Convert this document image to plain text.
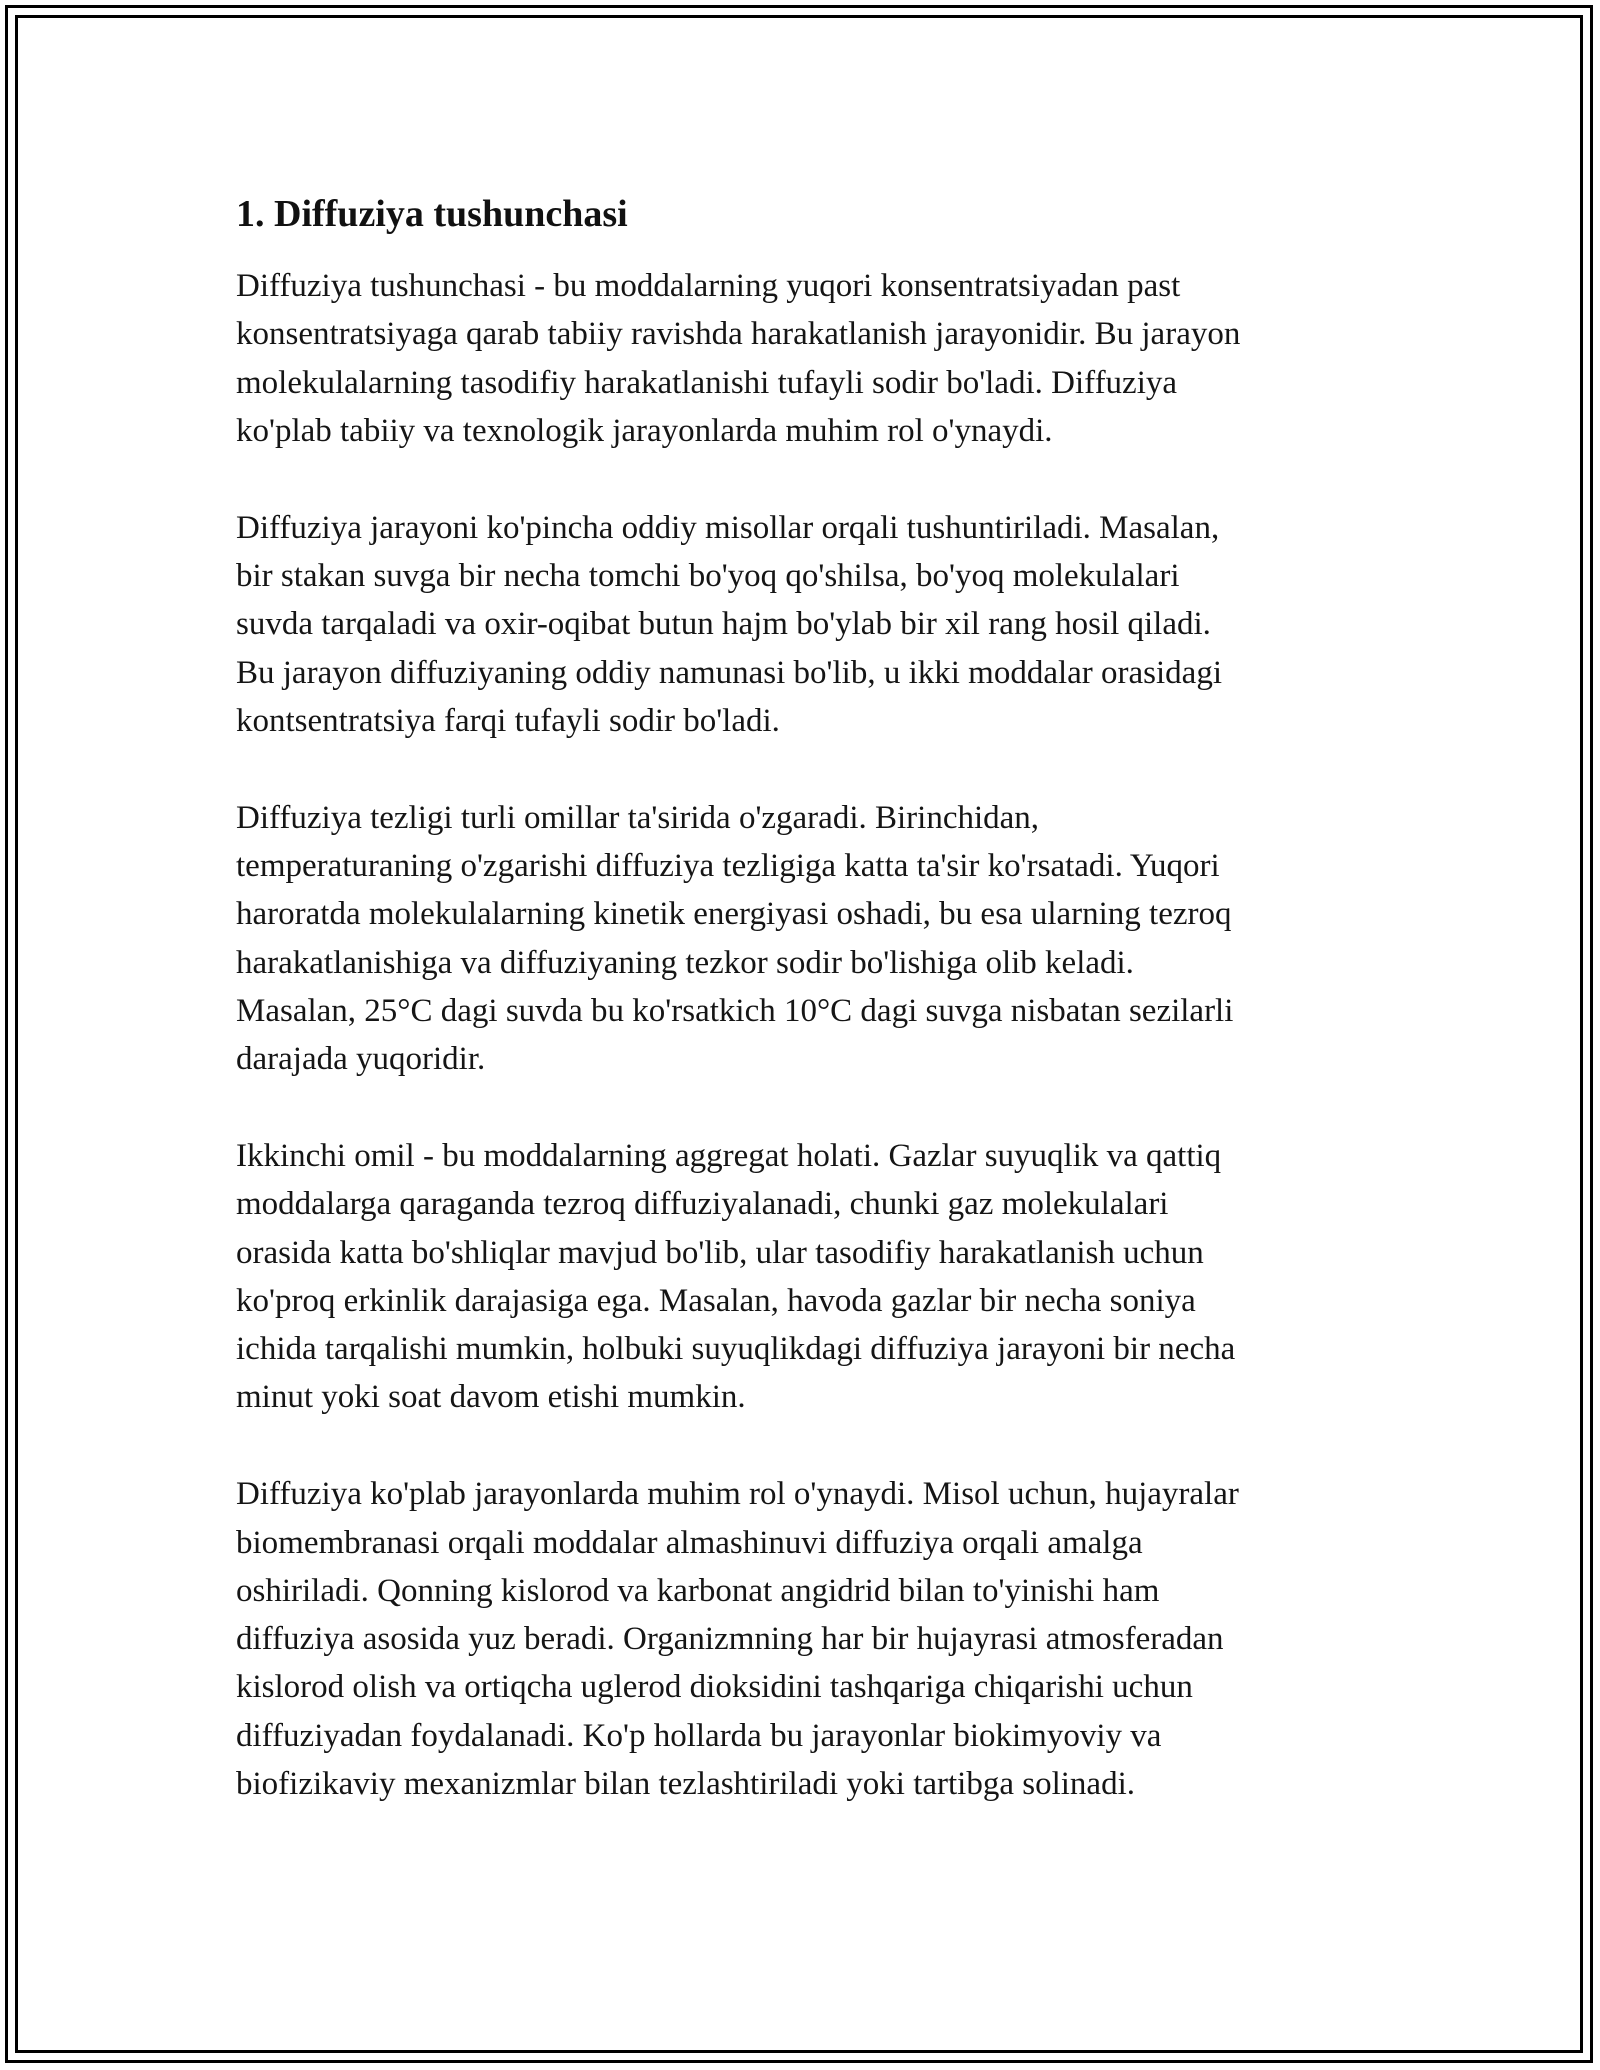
1. Diffuziya tushunchasi

Diffuziya tushunchasi - bu moddalarning yuqori konsentratsiyadan past
konsentratsiyaga qarab tabiiy ravishda harakatlanish jarayonidir. Bu jarayon
molekulalarning tasodifiy harakatlanishi tufayli sodir bo'ladi. Diffuziya
ko'plab tabiiy va texnologik jarayonlarda muhim rol o'ynaydi.

Diffuziya jarayoni ko'pincha oddiy misollar orqali tushuntiriladi. Masalan,
bir stakan suvga bir necha tomchi bo'yoq qo'shilsa, bo'yoq molekulalari
suvda tarqaladi va oxir-oqibat butun hajm bo'ylab bir xil rang hosil qiladi.
Bu jarayon diffuziyaning oddiy namunasi bo'lib, u ikki moddalar orasidagi
kontsentratsiya farqi tufayli sodir bo'ladi.

Diffuziya tezligi turli omillar ta'sirida o'zgaradi. Birinchidan,
temperaturaning o'zgarishi diffuziya tezligiga katta ta'sir ko'rsatadi. Yuqori
haroratda molekulalarning kinetik energiyasi oshadi, bu esa ularning tezroq
harakatlanishiga va diffuziyaning tezkor sodir bo'lishiga olib keladi.
Masalan, 25°C dagi suvda bu ko'rsatkich 10°C dagi suvga nisbatan sezilarli
darajada yuqoridir.

Ikkinchi omil - bu moddalarning aggregat holati. Gazlar suyuqlik va qattiq
moddalarga qaraganda tezroq diffuziyalanadi, chunki gaz molekulalari
orasida katta bo'shliqlar mavjud bo'lib, ular tasodifiy harakatlanish uchun
ko'proq erkinlik darajasiga ega. Masalan, havoda gazlar bir necha soniya
ichida tarqalishi mumkin, holbuki suyuqlikdagi diffuziya jarayoni bir necha
minut yoki soat davom etishi mumkin.

Diffuziya ko'plab jarayonlarda muhim rol o'ynaydi. Misol uchun, hujayralar
biomembranasi orqali moddalar almashinuvi diffuziya orqali amalga
oshiriladi. Qonning kislorod va karbonat angidrid bilan to'yinishi ham
diffuziya asosida yuz beradi. Organizmning har bir hujayrasi atmosferadan
kislorod olish va ortiqcha uglerod dioksidini tashqariga chiqarishi uchun
diffuziyadan foydalanadi. Ko'p hollarda bu jarayonlar biokimyoviy va
biofizikaviy mexanizmlar bilan tezlashtiriladi yoki tartibga solinadi.
